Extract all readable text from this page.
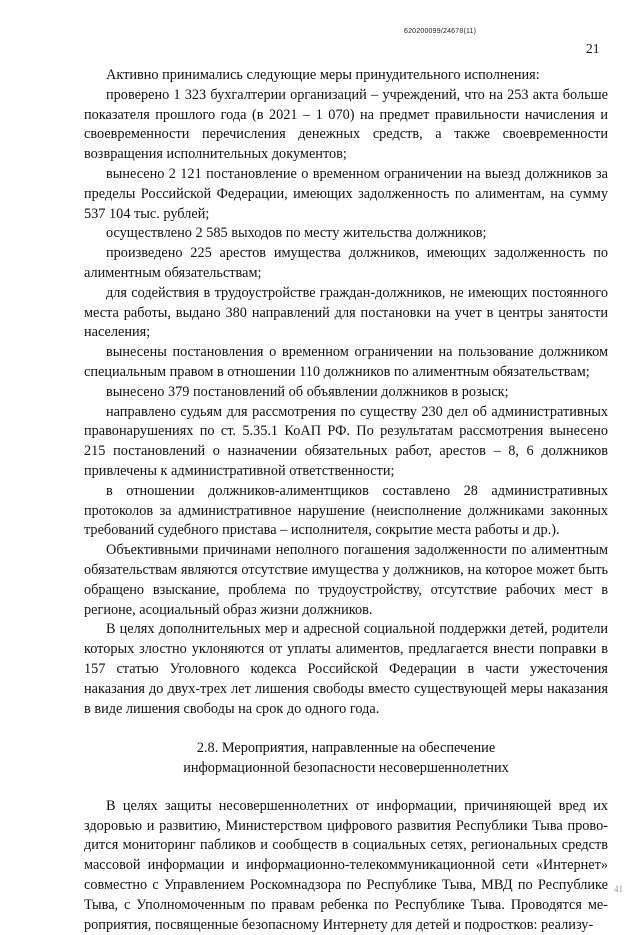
620200099/24678(11)
21

Активно принимались следующие меры принудительного исполнения:

проверено 1 323 бухгалтерии организаций – учреждений, что на 253 акта больше показателя прошлого года (в 2021 – 1 070) на предмет правильности начисления и своевременности перечисления денежных средств, а также своевременности возвращения исполнительных документов;

вынесено 2 121 постановление о временном ограничении на выезд должников за пределы Российской Федерации, имеющих задолженность по алиментам, на сумму 537 104 тыс. рублей;

осуществлено 2 585 выходов по месту жительства должников;

произведено 225 арестов имущества должников, имеющих задолженность по алиментным обязательствам;

для содействия в трудоустройстве граждан-должников, не имеющих постоянного места работы, выдано 380 направлений для постановки на учет в центры занятости населения;

вынесены постановления о временном ограничении на пользование должником специальным правом в отношении 110 должников по алиментным обязательствам;

вынесено 379 постановлений об объявлении должников в розыск;

направлено судьям для рассмотрения по существу 230 дел об административных правонарушениях по ст. 5.35.1 КоАП РФ. По результатам рассмотрения вынесено 215 постановлений о назначении обязательных работ, арестов – 8, 6 должников привлечены к административной ответственности;

в отношении должников-алиментщиков составлено 28 административных протоколов за административное нарушение (неисполнение должниками законных требований судебного пристава – исполнителя, сокрытие места работы и др.).

Объективными причинами неполного погашения задолженности по алиментным обязательствам являются отсутствие имущества у должников, на которое может быть обращено взыскание, проблема по трудоустройству, отсутствие рабочих мест в регионе, асоциальный образ жизни должников.

В целях дополнительных мер и адресной социальной поддержки детей, родители которых злостно уклоняются от уплаты алиментов, предлагается внести поправки в 157 статью Уголовного кодекса Российской Федерации в части ужесточения наказания до двух-трех лет лишения свободы вместо существующей меры наказания в виде лишения свободы на срок до одного года.

2.8. Мероприятия, направленные на обеспечение
информационной безопасности несовершеннолетних

В целях защиты несовершеннолетних от информации, причиняющей вред их здоровью и развитию, Министерством цифрового развития Республики Тыва проводится мониторинг пабликов и сообществ в социальных сетях, региональных средств массовой информации и информационно-телекоммуникационной сети «Интернет» совместно с Управлением Роскомнадзора по Республике Тыва, МВД по Республике Тыва, с Уполномоченным по правам ребенка по Республике Тыва. Проводятся мероприятия, посвященные безопасному Интернету для детей и подростков: реализу-

41
